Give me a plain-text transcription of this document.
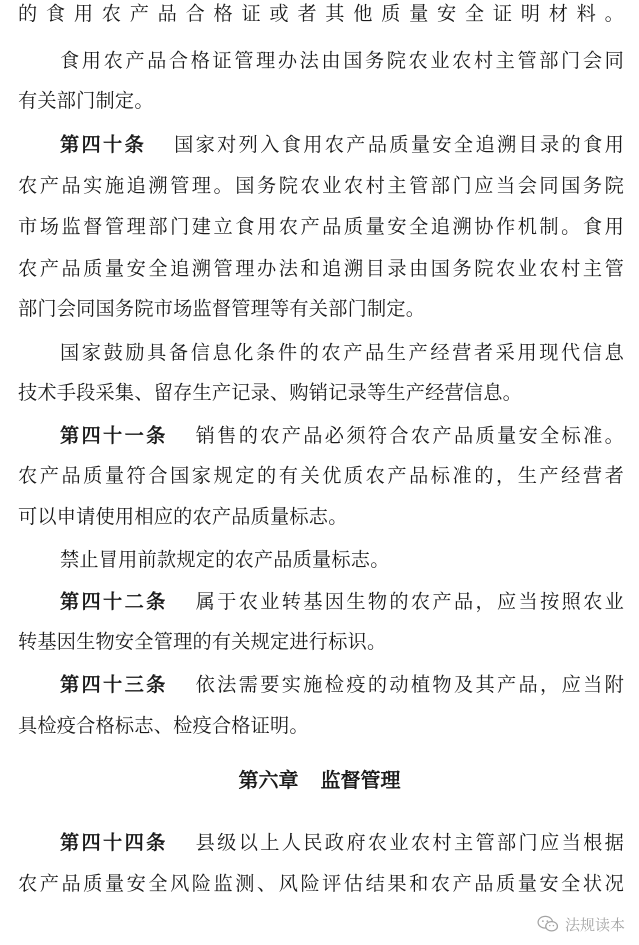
的食用农产品合格证或者其他质量安全证明材料。
食用农产品合格证管理办法由国务院农业农村主管部门会同
有关部门制定。
第四十条 国家对列入食用农产品质量安全追溯目录的食用
农产品实施追溯管理。国务院农业农村主管部门应当会同国务院
市场监督管理部门建立食用农产品质量安全追溯协作机制。食用
农产品质量安全追溯管理办法和追溯目录由国务院农业农村主管
部门会同国务院市场监督管理等有关部门制定。
国家鼓励具备信息化条件的农产品生产经营者采用现代信息
技术手段采集、留存生产记录、购销记录等生产经营信息。
第四十一条 销售的农产品必须符合农产品质量安全标准。
农产品质量符合国家规定的有关优质农产品标准的，生产经营者
可以申请使用相应的农产品质量标志。
禁止冒用前款规定的农产品质量标志。
第四十二条 属于农业转基因生物的农产品，应当按照农业
转基因生物安全管理的有关规定进行标识。
第四十三条 依法需要实施检疫的动植物及其产品，应当附
具检疫合格标志、检疫合格证明。
第六章 监督管理
第四十四条 县级以上人民政府农业农村主管部门应当根据
农产品质量安全风险监测、风险评估结果和农产品质量安全状况
法规读本
